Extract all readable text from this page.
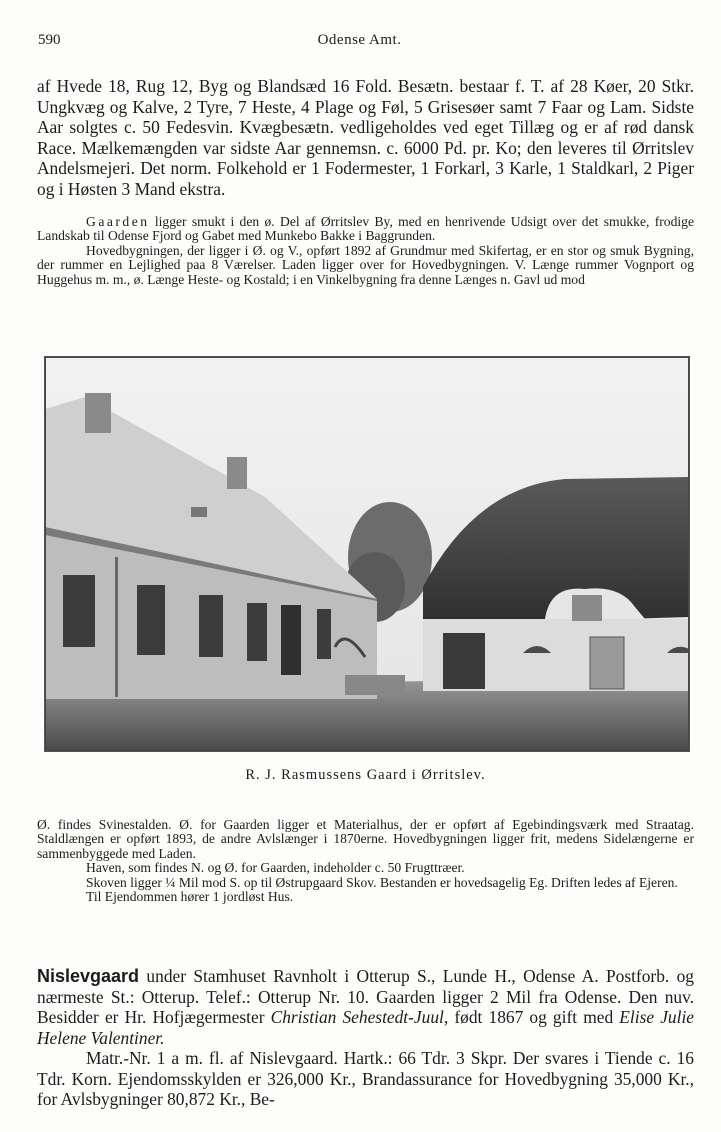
590	Odense Amt.

af Hvede 18, Rug 12, Byg og Blandsæd 16 Fold. Besætn. bestaar f. T. af 28 Køer, 20 Stkr. Ungkvæg og Kalve, 2 Tyre, 7 Heste, 4 Plage og Føl, 5 Grisesøer samt 7 Faar og Lam. Sidste Aar solgtes c. 50 Fedesvin. Kvægbesætn. vedligeholdes ved eget Tillæg og er af rød dansk Race. Mælkemængden var sidste Aar gennemsn. c. 6000 Pd. pr. Ko; den leveres til Ørritslev Andelsmejeri. Det norm. Folkehold er 1 Fodermester, 1 Forkarl, 3 Karle, 1 Staldkarl, 2 Piger og i Høsten 3 Mand ekstra.

Gaarden ligger smukt i den ø. Del af Ørritslev By, med en henrivende Udsigt over det smukke, frodige Landskab til Odense Fjord og Gabet med Munkebo Bakke i Baggrunden.

Hovedbygningen, der ligger i Ø. og V., opført 1892 af Grundmur med Skifertag, er en stor og smuk Bygning, der rummer en Lejlighed paa 8 Værelser. Laden ligger over for Hovedbygningen. V. Længe rummer Vognport og Huggehus m. m., ø. Længe Heste- og Kostald; i en Vinkelbygning fra denne Længes n. Gavl ud mod

R. J. Rasmussens Gaard i Ørritslev.

Ø. findes Svinestalden. Ø. for Gaarden ligger et Materialhus, der er opført af Egebindingsværk med Straatag. Staldlængen er opført 1893, de andre Avlslænger i 1870erne. Hovedbygningen ligger frit, medens Sidelængerne er sammenbyggede med Laden.

Haven, som findes N. og Ø. for Gaarden, indeholder c. 50 Frugttræer.

Skoven ligger ¼ Mil mod S. op til Østrupgaard Skov. Bestanden er hovedsagelig Eg. Driften ledes af Ejeren.

Til Ejendommen hører 1 jordløst Hus.

Nislevgaard under Stamhuset Ravnholt i Otterup S., Lunde H., Odense A. Postforb. og nærmeste St.: Otterup. Telef.: Otterup Nr. 10. Gaarden ligger 2 Mil fra Odense. Den nuv. Besidder er Hr. Hofjægermester Christian Sehestedt-Juul, født 1867 og gift med Elise Julie Helene Valentiner.

Matr.-Nr. 1 a m. fl. af Nislevgaard. Hartk.: 66 Tdr. 3 Skpr. Der svares i Tiende c. 16 Tdr. Korn. Ejendomsskylden er 326,000 Kr., Brandassurance for Hovedbygning 35,000 Kr., for Avlsbygninger 80,872 Kr., Be-
